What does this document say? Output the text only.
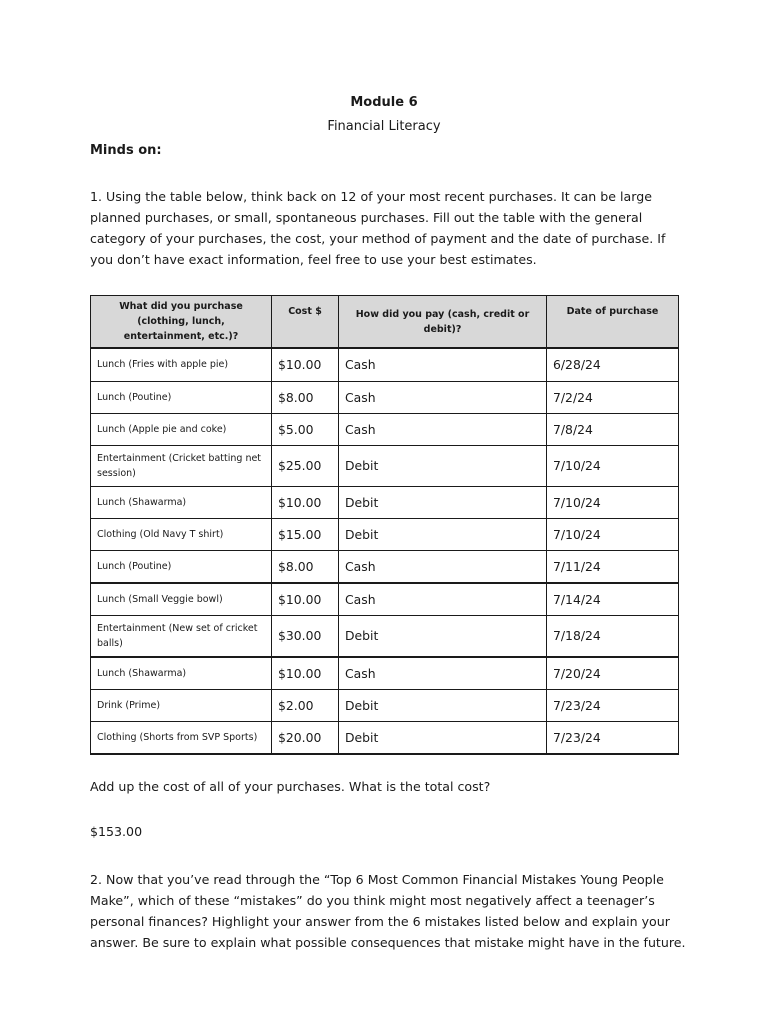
Module 6
Financial Literacy
Minds on:

1. Using the table below, think back on 12 of your most recent purchases. It can be large planned purchases, or small, spontaneous purchases. Fill out the table with the general category of your purchases, the cost, your method of payment and the date of purchase. If you don’t have exact information, feel free to use your best estimates.

What did you purchase (clothing, lunch, entertainment, etc.)?	Cost $	How did you pay (cash, credit or debit)?	Date of purchase
Lunch (Fries with apple pie)	$10.00	Cash	6/28/24
Lunch (Poutine)	$8.00	Cash	7/2/24
Lunch (Apple pie and coke)	$5.00	Cash	7/8/24
Entertainment (Cricket batting net session)	$25.00	Debit	7/10/24
Lunch (Shawarma)	$10.00	Debit	7/10/24
Clothing (Old Navy T shirt)	$15.00	Debit	7/10/24
Lunch (Poutine)	$8.00	Cash	7/11/24
Lunch (Small Veggie bowl)	$10.00	Cash	7/14/24
Entertainment (New set of cricket balls)	$30.00	Debit	7/18/24
Lunch (Shawarma)	$10.00	Cash	7/20/24
Drink (Prime)	$2.00	Debit	7/23/24
Clothing (Shorts from SVP Sports)	$20.00	Debit	7/23/24
Add up the cost of all of your purchases. What is the total cost?
$153.00

2. Now that you’ve read through the “Top 6 Most Common Financial Mistakes Young People Make”, which of these “mistakes” do you think might most negatively affect a teenager’s personal finances? Highlight your answer from the 6 mistakes listed below and explain your answer. Be sure to explain what possible consequences that mistake might have in the future.
